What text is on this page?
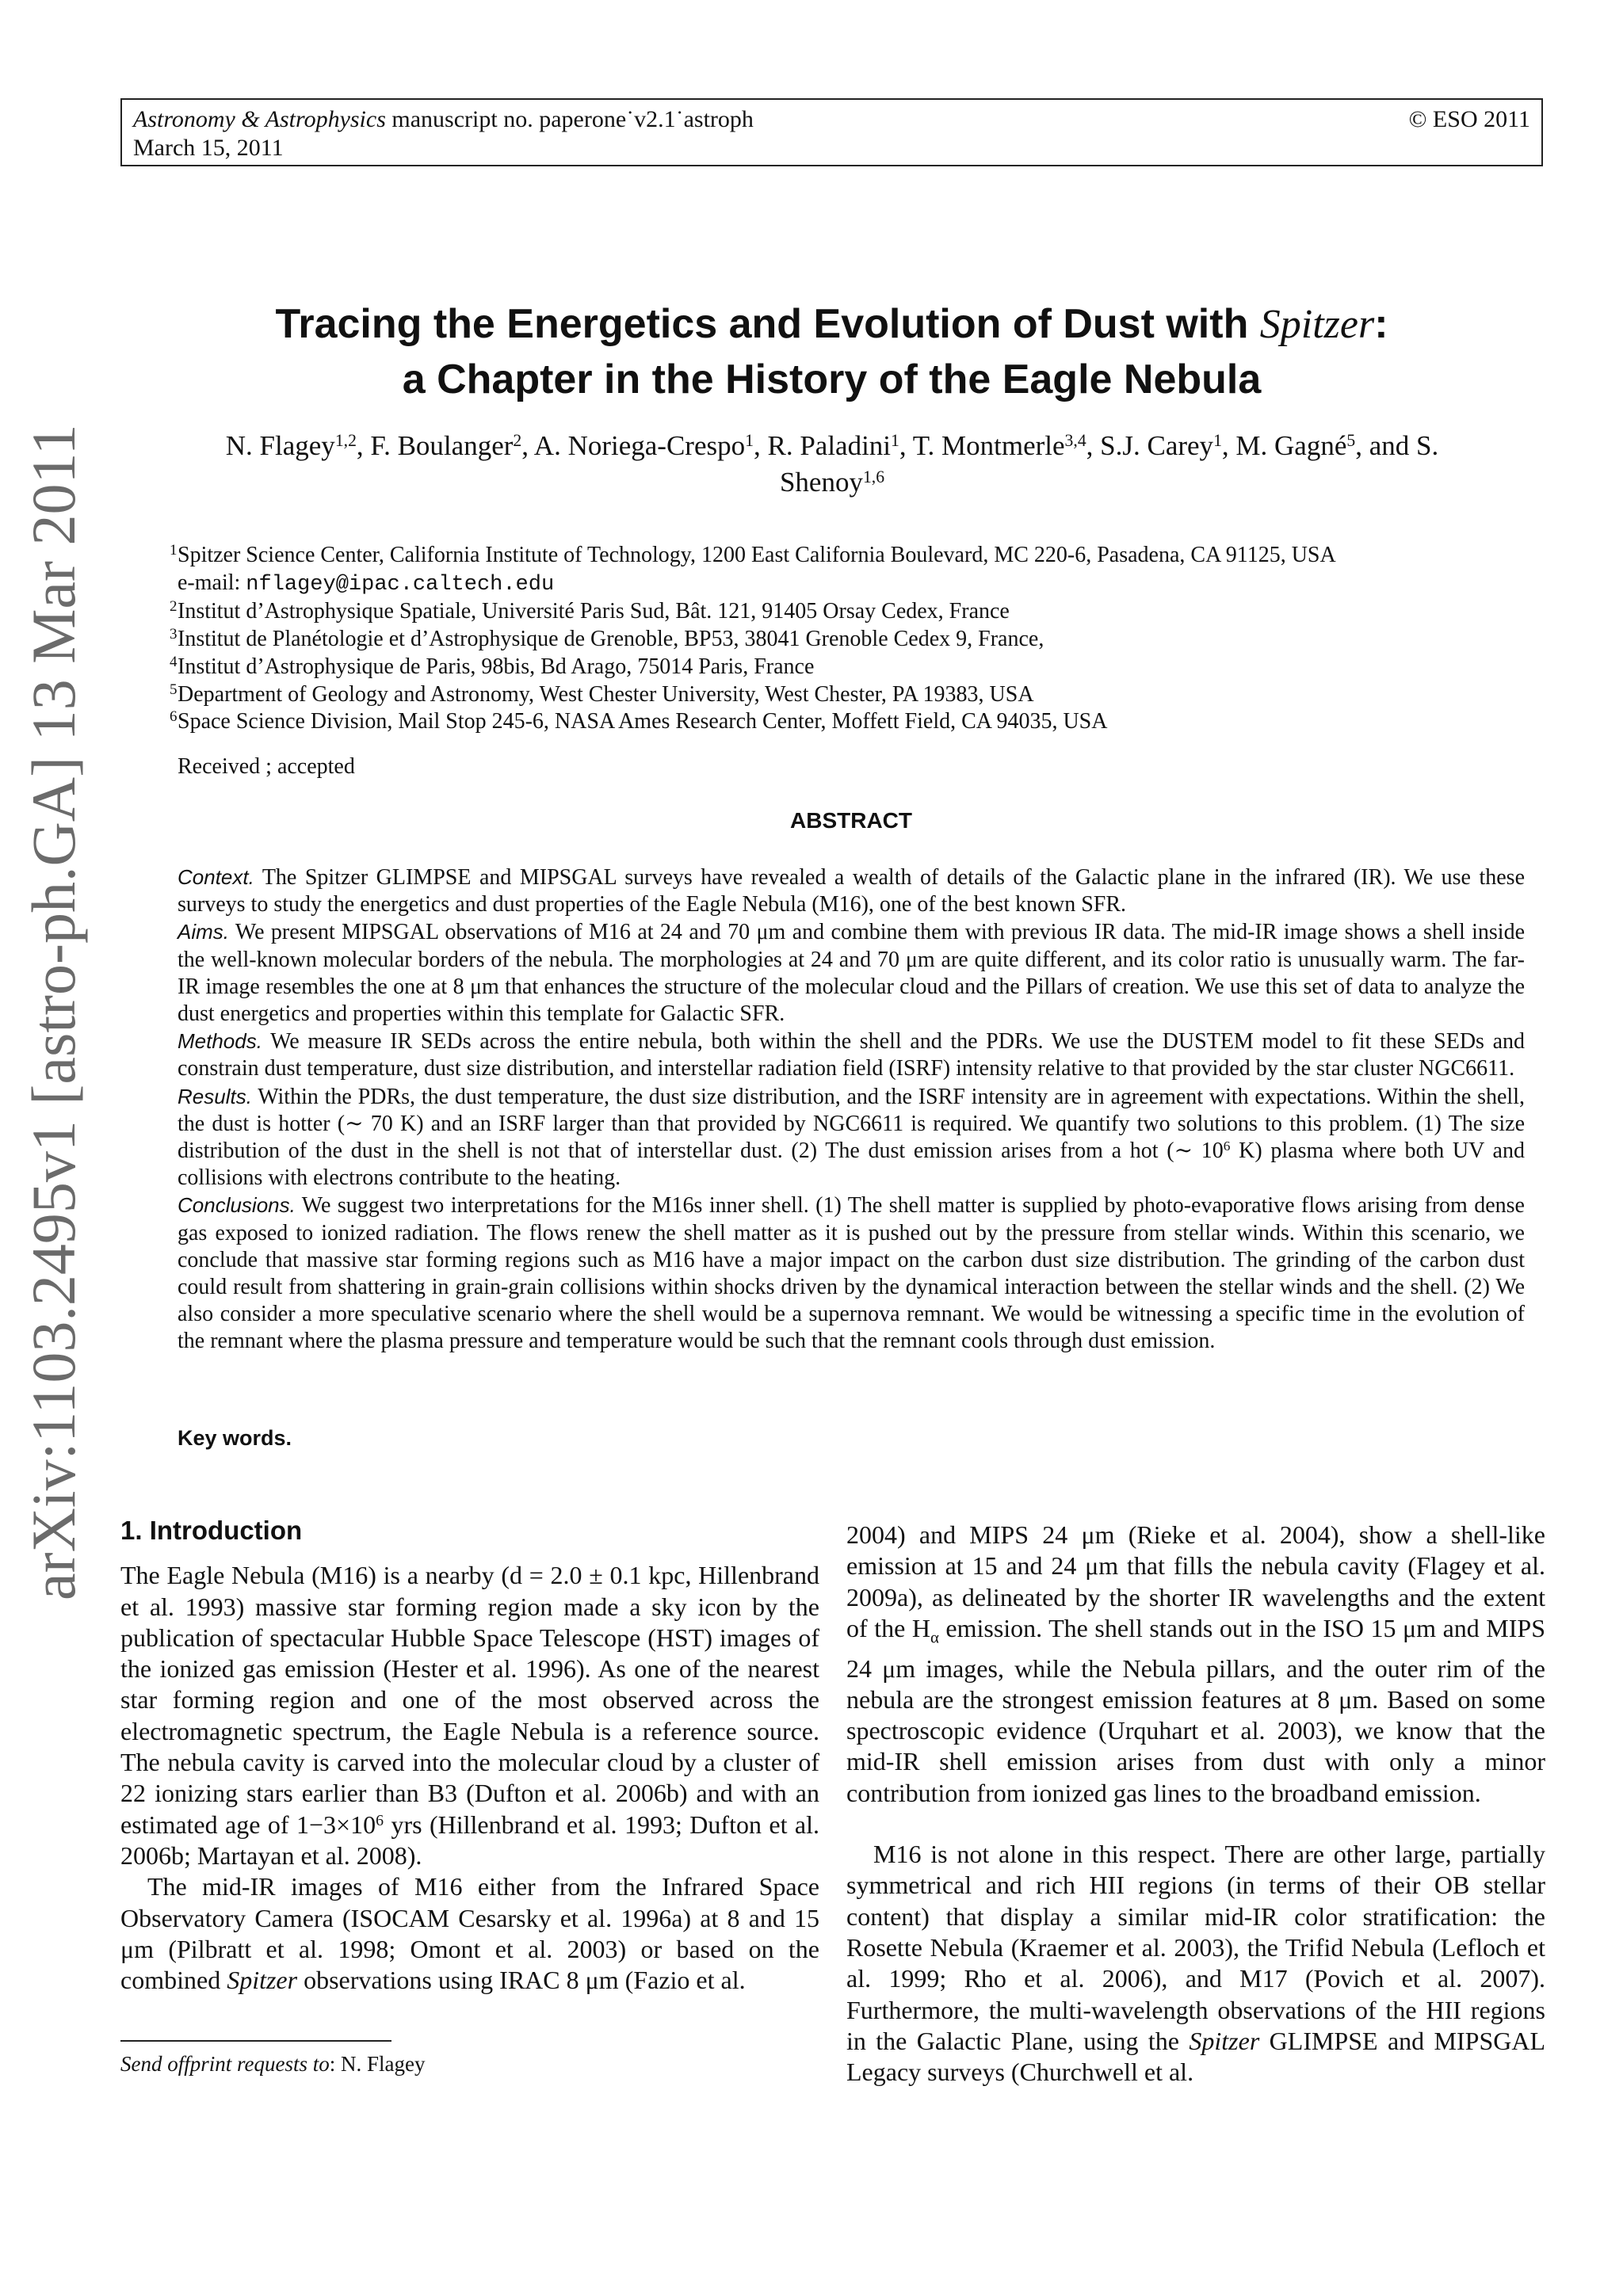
Astronomy & Astrophysics manuscript no. paperone˙v2.1˙astroph	© ESO 2011
March 15, 2011
Tracing the Energetics and Evolution of Dust with Spitzer:
a Chapter in the History of the Eagle Nebula
N. Flagey$^{1,2}$, F. Boulanger$^2$, A. Noriega-Crespo$^1$, R. Paladini$^1$, T. Montmerle$^{3,4}$, S.J. Carey$^1$, M. Gagné$^5$, and S.
Shenoy$^{1,6}$
1 Spitzer Science Center, California Institute of Technology, 1200 East California Boulevard, MC 220-6, Pasadena, CA 91125, USA
e-mail: nflagey@ipac.caltech.edu
2 Institut d’Astrophysique Spatiale, Université Paris Sud, Bât. 121, 91405 Orsay Cedex, France
3 Institut de Planétologie et d’Astrophysique de Grenoble, BP53, 38041 Grenoble Cedex 9, France,
4 Institut d’Astrophysique de Paris, 98bis, Bd Arago, 75014 Paris, France
5 Department of Geology and Astronomy, West Chester University, West Chester, PA 19383, USA
6 Space Science Division, Mail Stop 245-6, NASA Ames Research Center, Moffett Field, CA 94035, USA
Received ; accepted
ABSTRACT

Context. The Spitzer GLIMPSE and MIPSGAL surveys have revealed a wealth of details of the Galactic plane in the infrared (IR). We use these surveys to study the energetics and dust properties of the Eagle Nebula (M16), one of the best known SFR.

Aims. We present MIPSGAL observations of M16 at 24 and 70 μm and combine them with previous IR data. The mid-IR image shows a shell inside the well-known molecular borders of the nebula. The morphologies at 24 and 70 μm are quite different, and its color ratio is unusually warm. The far-IR image resembles the one at 8 μm that enhances the structure of the molecular cloud and the Pillars of creation. We use this set of data to analyze the dust energetics and properties within this template for Galactic SFR.

Methods. We measure IR SEDs across the entire nebula, both within the shell and the PDRs. We use the DUSTEM model to fit these SEDs and constrain dust temperature, dust size distribution, and interstellar radiation field (ISRF) intensity relative to that provided by the star cluster NGC6611.

Results. Within the PDRs, the dust temperature, the dust size distribution, and the ISRF intensity are in agreement with expectations. Within the shell, the dust is hotter (∼ 70 K) and an ISRF larger than that provided by NGC6611 is required. We quantify two solutions to this problem. (1) The size distribution of the dust in the shell is not that of interstellar dust. (2) The dust emission arises from a hot (∼ $10^6$ K) plasma where both UV and collisions with electrons contribute to the heating.

Conclusions. We suggest two interpretations for the M16s inner shell. (1) The shell matter is supplied by photo-evaporative flows arising from dense gas exposed to ionized radiation. The flows renew the shell matter as it is pushed out by the pressure from stellar winds. Within this scenario, we conclude that massive star forming regions such as M16 have a major impact on the carbon dust size distribution. The grinding of the carbon dust could result from shattering in grain-grain collisions within shocks driven by the dynamical interaction between the stellar winds and the shell. (2) We also consider a more speculative scenario where the shell would be a supernova remnant. We would be witnessing a specific time in the evolution of the remnant where the plasma pressure and temperature would be such that the remnant cools through dust emission.

Key words.
1. Introduction

The Eagle Nebula (M16) is a nearby (d = 2.0 ± 0.1 kpc, Hillenbrand et al. 1993) massive star forming region made a sky icon by the publication of spectacular Hubble Space Telescope (HST) images of the ionized gas emission (Hester et al. 1996). As one of the nearest star forming region and one of the most observed across the electromagnetic spectrum, the Eagle Nebula is a reference source. The nebula cavity is carved into the molecular cloud by a cluster of 22 ionizing stars earlier than B3 (Dufton et al. 2006b) and with an estimated age of $1-3\times 10^6$ yrs (Hillenbrand et al. 1993; Dufton et al. 2006b; Martayan et al. 2008).

The mid-IR images of M16 either from the Infrared Space Observatory Camera (ISOCAM Cesarsky et al. 1996a) at 8 and 15 μm (Pilbratt et al. 1998; Omont et al. 2003) or based on the combined Spitzer observations using IRAC 8 μm (Fazio et al.

2004) and MIPS 24 μm (Rieke et al. 2004), show a shell-like emission at 15 and 24 μm that fills the nebula cavity (Flagey et al. 2009a), as delineated by the shorter IR wavelengths and the extent of the $H_\alpha$ emission. The shell stands out in the ISO 15 μm and MIPS 24 μm images, while the Nebula pillars, and the outer rim of the nebula are the strongest emission features at 8 μm. Based on some spectroscopic evidence (Urquhart et al. 2003), we know that the mid-IR shell emission arises from dust with only a minor contribution from ionized gas lines to the broadband emission.

M16 is not alone in this respect. There are other large, partially symmetrical and rich HII regions (in terms of their OB stellar content) that display a similar mid-IR color stratification: the Rosette Nebula (Kraemer et al. 2003), the Trifid Nebula (Lefloch et al. 1999; Rho et al. 2006), and M17 (Povich et al. 2007). Furthermore, the multi-wavelength observations of the HII regions in the Galactic Plane, using the Spitzer GLIMPSE and MIPSGAL Legacy surveys (Churchwell et al.

Send offprint requests to: N. Flagey
arXiv:1103.2495v1 [astro-ph.GA] 13 Mar 2011
